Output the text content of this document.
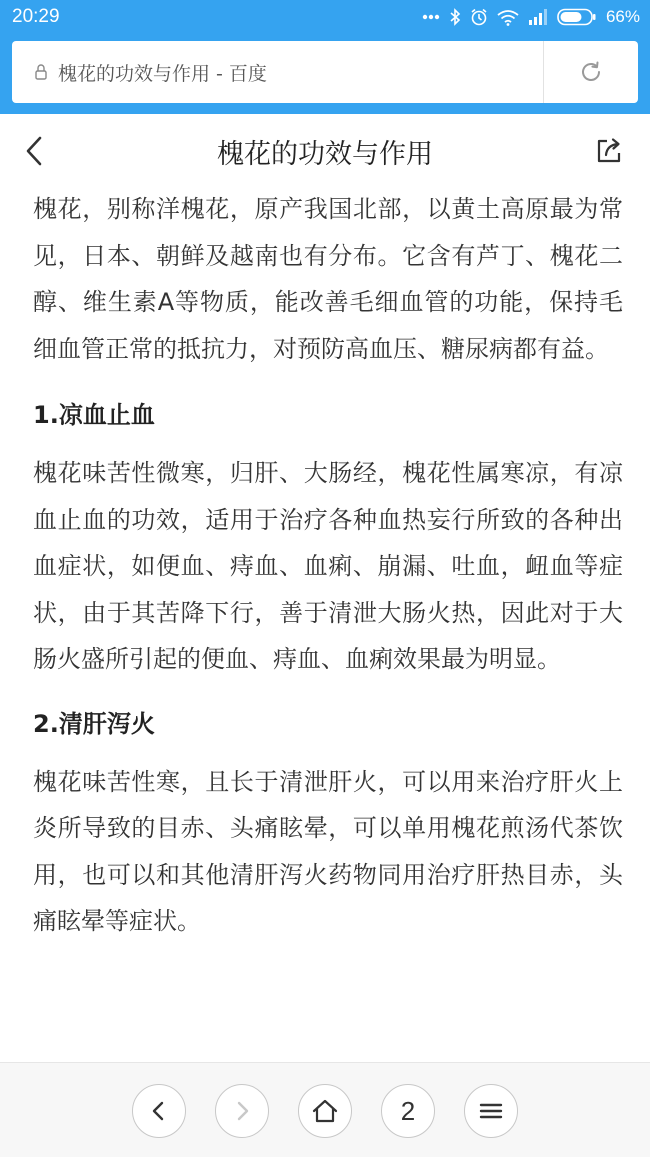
20:29	66%
槐花的功效与作用 - 百度
槐花的功效与作用

槐花，别称洋槐花，原产我国北部，以黄土高原最为常见，日本、朝鲜及越南也有分布。它含有芦丁、槐花二醇、维生素A等物质，能改善毛细血管的功能，保持毛细血管正常的抵抗力，对预防高血压、糖尿病都有益。

1.凉血止血

槐花味苦性微寒，归肝、大肠经，槐花性属寒凉，有凉血止血的功效，适用于治疗各种血热妄行所致的各种出血症状，如便血、痔血、血痢、崩漏、吐血，衄血等症状，由于其苦降下行，善于清泄大肠火热，因此对于大肠火盛所引起的便血、痔血、血痢效果最为明显。

2.清肝泻火

槐花味苦性寒，且长于清泄肝火，可以用来治疗肝火上炎所导致的目赤、头痛眩晕，可以单用槐花煎汤代茶饮用，也可以和其他清肝泻火药物同用治疗肝热目赤，头痛眩晕等症状。

2
